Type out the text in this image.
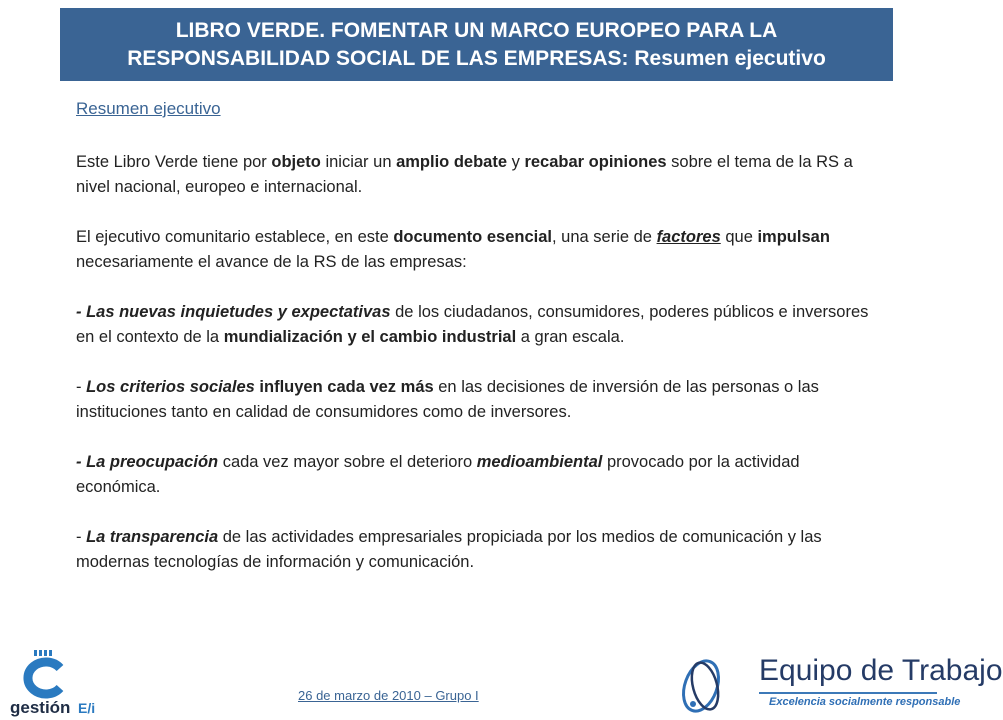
LIBRO VERDE. FOMENTAR UN MARCO EUROPEO PARA LA
RESPONSABILIDAD SOCIAL DE LAS EMPRESAS: Resumen ejecutivo
Resumen ejecutivo

Este Libro Verde tiene por objeto iniciar un amplio debate y recabar opiniones sobre el tema de la RS a nivel nacional, europeo e internacional.

El ejecutivo comunitario establece, en este documento esencial, una serie de factores que impulsan necesariamente el avance de la RS de las empresas:

- Las nuevas inquietudes y expectativas de los ciudadanos, consumidores, poderes públicos e inversores en el contexto de la mundialización y el cambio industrial a gran escala.

- Los criterios sociales influyen cada vez más en las decisiones de inversión de las personas o las instituciones tanto en calidad de consumidores como de inversores.

- La preocupación cada vez mayor sobre el deterioro medioambiental provocado por la actividad económica.

- La transparencia de las actividades empresariales propiciada por los medios de comunicación y las modernas tecnologías de información y comunicación.

gestión E/i
26 de marzo de 2010 – Grupo I
Equipo de Trabajo
Excelencia socialmente responsable
